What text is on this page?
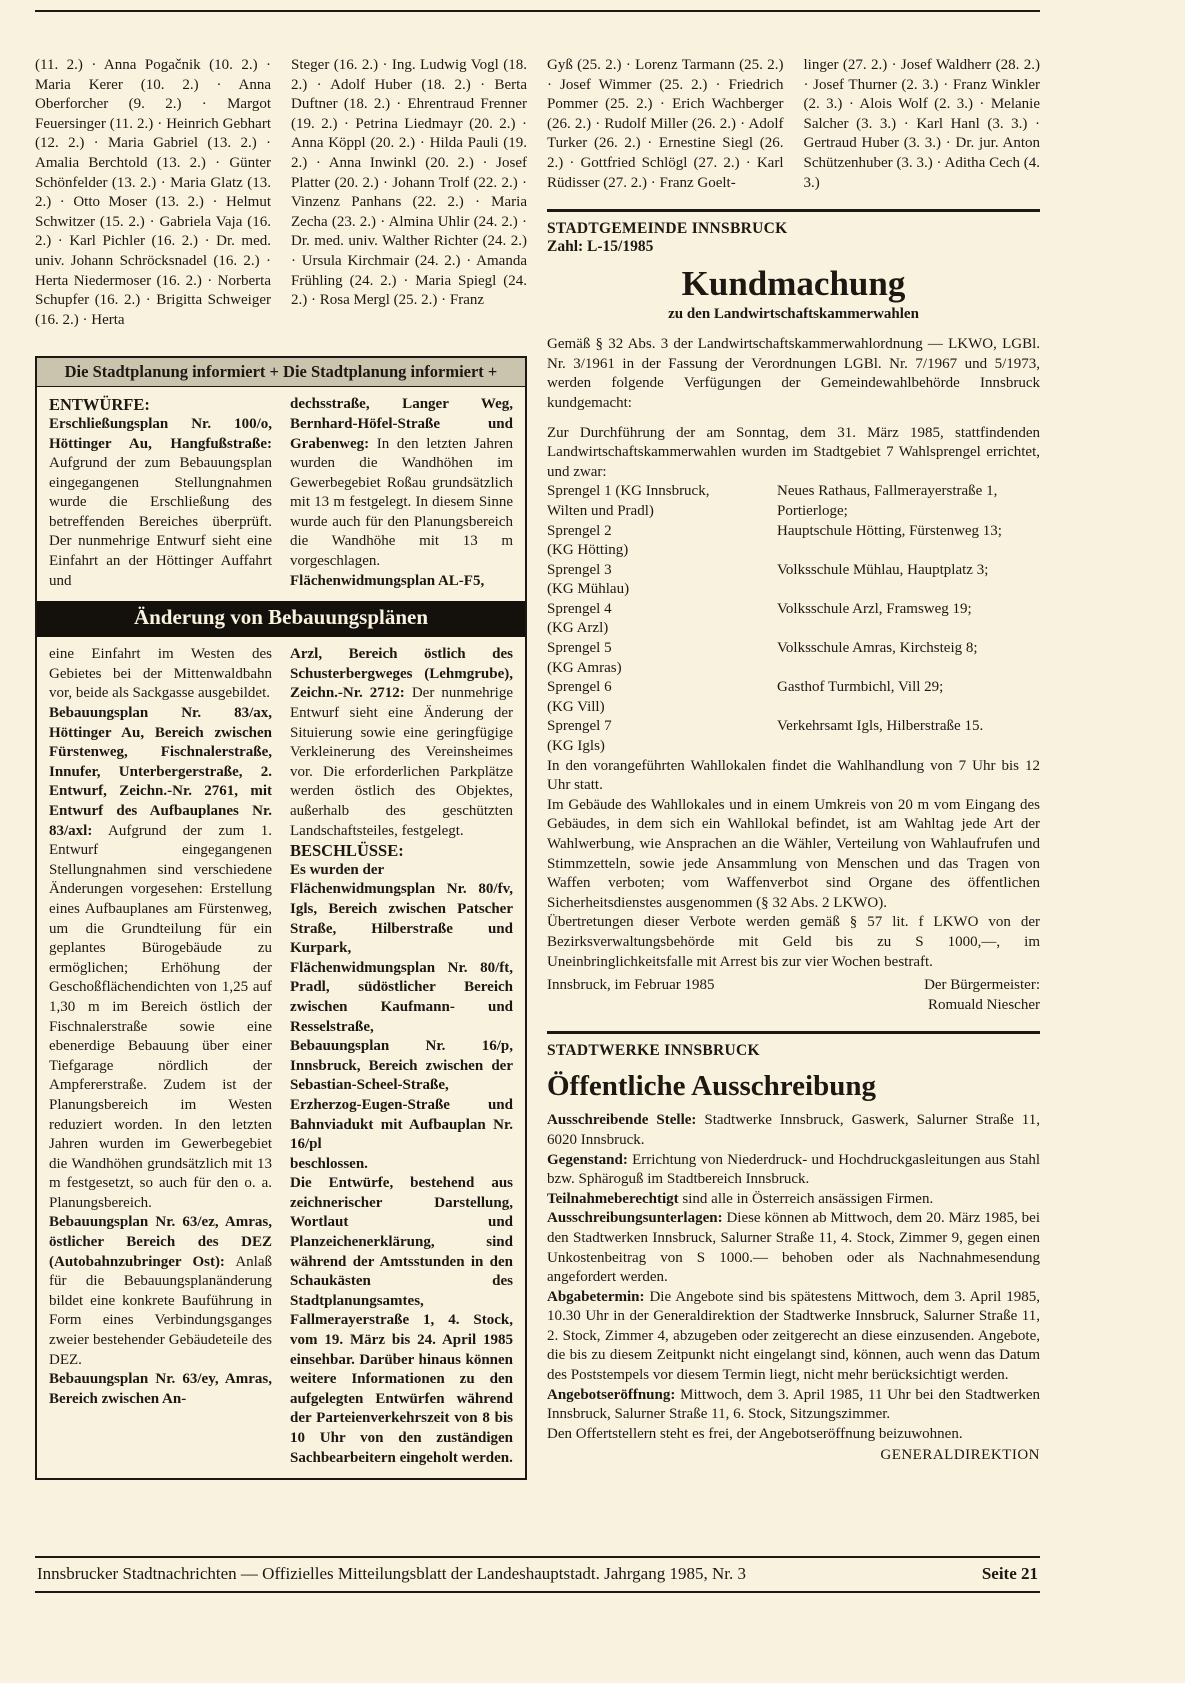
(11. 2.) · Anna Pogačnik (10. 2.) · Maria Kerer (10. 2.) · Anna Oberforcher (9. 2.) · Margot Feuersinger (11. 2.) · Heinrich Gebhart (12. 2.) · Maria Gabriel (13. 2.) · Amalia Berchtold (13. 2.) · Günter Schönfelder (13. 2.) · Maria Glatz (13. 2.) · Otto Moser (13. 2.) · Helmut Schwitzer (15. 2.) · Gabriela Vaja (16. 2.) · Karl Pichler (16. 2.) · Dr. med. univ. Johann Schröcksnadel (16. 2.) · Herta Niedermoser (16. 2.) · Norberta Schupfer (16. 2.) · Brigitta Schweiger (16. 2.) · Herta
Steger (16. 2.) · Ing. Ludwig Vogl (18. 2.) · Adolf Huber (18. 2.) · Berta Duftner (18. 2.) · Ehrentraud Frenner (19. 2.) · Petrina Liedmayr (20. 2.) · Anna Köppl (20. 2.) · Hilda Pauli (19. 2.) · Anna Inwinkl (20. 2.) · Josef Platter (20. 2.) · Johann Trolf (22. 2.) · Vinzenz Panhans (22. 2.) · Maria Zecha (23. 2.) · Almina Uhlir (24. 2.) · Dr. med. univ. Walther Richter (24. 2.) · Ursula Kirchmair (24. 2.) · Amanda Frühling (24. 2.) · Maria Spiegl (24. 2.) · Rosa Mergl (25. 2.) · Franz
Die Stadtplanung informiert + Die Stadtplanung informiert +
ENTWÜRFE:

Erschließungsplan Nr. 100/o, Höttinger Au, Hangfußstraße: Aufgrund der zum Bebauungsplan eingegangenen Stellungnahmen wurde die Erschließung des betreffenden Bereiches überprüft. Der nunmehrige Entwurf sieht eine Einfahrt an der Höttinger Auffahrt und

dechsstraße, Langer Weg, Bernhard-Höfel-Straße und Grabenweg: In den letzten Jahren wurden die Wandhöhen im Gewerbegebiet Roßau grundsätzlich mit 13 m festgelegt. In diesem Sinne wurde auch für den Planungsbereich die Wandhöhe mit 13 m vorgeschlagen.

Flächenwidmungsplan AL-F5,

Änderung von Bebauungsplänen

eine Einfahrt im Westen des Gebietes bei der Mittenwaldbahn vor, beide als Sackgasse ausgebildet.

Bebauungsplan Nr. 83/ax, Höttinger Au, Bereich zwischen Fürstenweg, Fischnalerstraße, Innufer, Unterbergerstraße, 2. Entwurf, Zeichn.-Nr. 2761, mit Entwurf des Aufbauplanes Nr. 83/axl: Aufgrund der zum 1. Entwurf eingegangenen Stellungnahmen sind verschiedene Änderungen vorgesehen: Erstellung eines Aufbauplanes am Fürstenweg, um die Grundteilung für ein geplantes Bürogebäude zu ermöglichen; Erhöhung der Geschoßflächendichten von 1,25 auf 1,30 m im Bereich östlich der Fischnalerstraße sowie eine ebenerdige Bebauung über einer Tiefgarage nördlich der Ampfererstraße. Zudem ist der Planungsbereich im Westen reduziert worden. In den letzten Jahren wurden im Gewerbegebiet die Wandhöhen grundsätzlich mit 13 m festgesetzt, so auch für den o. a. Planungsbereich.

Bebauungsplan Nr. 63/ez, Amras, östlicher Bereich des DEZ (Autobahnzubringer Ost): Anlaß für die Bebauungsplanänderung bildet eine konkrete Bauführung in Form eines Verbindungsganges zweier bestehender Gebäudeteile des DEZ.

Bebauungsplan Nr. 63/ey, Amras, Bereich zwischen An-

Arzl, Bereich östlich des Schusterbergweges (Lehmgrube), Zeichn.-Nr. 2712: Der nunmehrige Entwurf sieht eine Änderung der Situierung sowie eine geringfügige Verkleinerung des Vereinsheimes vor. Die erforderlichen Parkplätze werden östlich des Objektes, außerhalb des geschützten Landschaftsteiles, festgelegt.

BESCHLÜSSE:

Es wurden der

Flächenwidmungsplan Nr. 80/fv, Igls, Bereich zwischen Patscher Straße, Hilberstraße und Kurpark,

Flächenwidmungsplan Nr. 80/ft, Pradl, südöstlicher Bereich zwischen Kaufmann- und Resselstraße,

Bebauungsplan Nr. 16/p, Innsbruck, Bereich zwischen der Sebastian-Scheel-Straße, Erzherzog-Eugen-Straße und Bahnviadukt mit Aufbauplan Nr. 16/pl

beschlossen.

Die Entwürfe, bestehend aus zeichnerischer Darstellung, Wortlaut und Planzeichenerklärung, sind während der Amtsstunden in den Schaukästen des Stadtplanungsamtes, Fallmerayerstraße 1, 4. Stock, vom 19. März bis 24. April 1985 einsehbar. Darüber hinaus können weitere Informationen zu den aufgelegten Entwürfen während der Parteienverkehrszeit von 8 bis 10 Uhr von den zuständigen Sachbearbeitern eingeholt werden.

Gyß (25. 2.) · Lorenz Tarmann (25. 2.) · Josef Wimmer (25. 2.) · Friedrich Pommer (25. 2.) · Erich Wachberger (26. 2.) · Rudolf Miller (26. 2.) · Adolf Turker (26. 2.) · Ernestine Siegl (26. 2.) · Gottfried Schlögl (27. 2.) · Karl Rüdisser (27. 2.) · Franz Goelt-
linger (27. 2.) · Josef Waldherr (28. 2.) · Josef Thurner (2. 3.) · Franz Winkler (2. 3.) · Alois Wolf (2. 3.) · Melanie Salcher (3. 3.) · Karl Hanl (3. 3.) · Gertraud Huber (3. 3.) · Dr. jur. Anton Schützenhuber (3. 3.) · Aditha Cech (4. 3.)
STADTGEMEINDE INNSBRUCK
Zahl: L-15/1985
Kundmachung
zu den Landwirtschaftskammerwahlen

Gemäß § 32 Abs. 3 der Landwirtschaftskammerwahlordnung — LKWO, LGBl. Nr. 3/1961 in der Fassung der Verordnungen LGBl. Nr. 7/1967 und 5/1973, werden folgende Verfügungen der Gemeindewahlbehörde Innsbruck kundgemacht:

Zur Durchführung der am Sonntag, dem 31. März 1985, stattfindenden Landwirtschaftskammerwahlen wurden im Stadtgebiet 7 Wahlsprengel errichtet, und zwar:

Sprengel 1 (KG Innsbruck,
Wilten und Pradl)
Neues Rathaus, Fallmerayerstraße 1, Portierloge;
Sprengel 2
(KG Hötting)
Hauptschule Hötting, Fürstenweg 13;
Sprengel 3
(KG Mühlau)
Volksschule Mühlau, Hauptplatz 3;
Sprengel 4
(KG Arzl)
Volksschule Arzl, Framsweg 19;
Sprengel 5
(KG Amras)
Volksschule Amras, Kirchsteig 8;
Sprengel 6
(KG Vill)
Gasthof Turmbichl, Vill 29;
Sprengel 7
(KG Igls)
Verkehrsamt Igls, Hilberstraße 15.

In den vorangeführten Wahllokalen findet die Wahlhandlung von 7 Uhr bis 12 Uhr statt.

Im Gebäude des Wahllokales und in einem Umkreis von 20 m vom Eingang des Gebäudes, in dem sich ein Wahllokal befindet, ist am Wahltag jede Art der Wahlwerbung, wie Ansprachen an die Wähler, Verteilung von Wahlaufrufen und Stimmzetteln, sowie jede Ansammlung von Menschen und das Tragen von Waffen verboten; vom Waffenverbot sind Organe des öffentlichen Sicherheitsdienstes ausgenommen (§ 32 Abs. 2 LKWO).

Übertretungen dieser Verbote werden gemäß § 57 lit. f LKWO von der Bezirksverwaltungsbehörde mit Geld bis zu S 1000,—, im Uneinbringlichkeitsfalle mit Arrest bis zur vier Wochen bestraft.

Innsbruck, im Februar 1985	Der Bürgermeister:
Romuald Niescher
STADTWERKE INNSBRUCK
Öffentliche Ausschreibung

Ausschreibende Stelle: Stadtwerke Innsbruck, Gaswerk, Salurner Straße 11, 6020 Innsbruck.

Gegenstand: Errichtung von Niederdruck- und Hochdruckgasleitungen aus Stahl bzw. Sphäroguß im Stadtbereich Innsbruck.

Teilnahmeberechtigt sind alle in Österreich ansässigen Firmen.

Ausschreibungsunterlagen: Diese können ab Mittwoch, dem 20. März 1985, bei den Stadtwerken Innsbruck, Salurner Straße 11, 4. Stock, Zimmer 9, gegen einen Unkostenbeitrag von S 1000.— behoben oder als Nachnahmesendung angefordert werden.

Abgabetermin: Die Angebote sind bis spätestens Mittwoch, dem 3. April 1985, 10.30 Uhr in der Generaldirektion der Stadtwerke Innsbruck, Salurner Straße 11, 2. Stock, Zimmer 4, abzugeben oder zeitgerecht an diese einzusenden. Angebote, die bis zu diesem Zeitpunkt nicht eingelangt sind, können, auch wenn das Datum des Poststempels vor diesem Termin liegt, nicht mehr berücksichtigt werden.

Angebotseröffnung: Mittwoch, dem 3. April 1985, 11 Uhr bei den Stadtwerken Innsbruck, Salurner Straße 11, 6. Stock, Sitzungszimmer.

Den Offertstellern steht es frei, der Angebotseröffnung beizuwohnen.

GENERALDIREKTION
Innsbrucker Stadtnachrichten — Offizielles Mitteilungsblatt der Landeshauptstadt. Jahrgang 1985, Nr. 3	Seite 21
